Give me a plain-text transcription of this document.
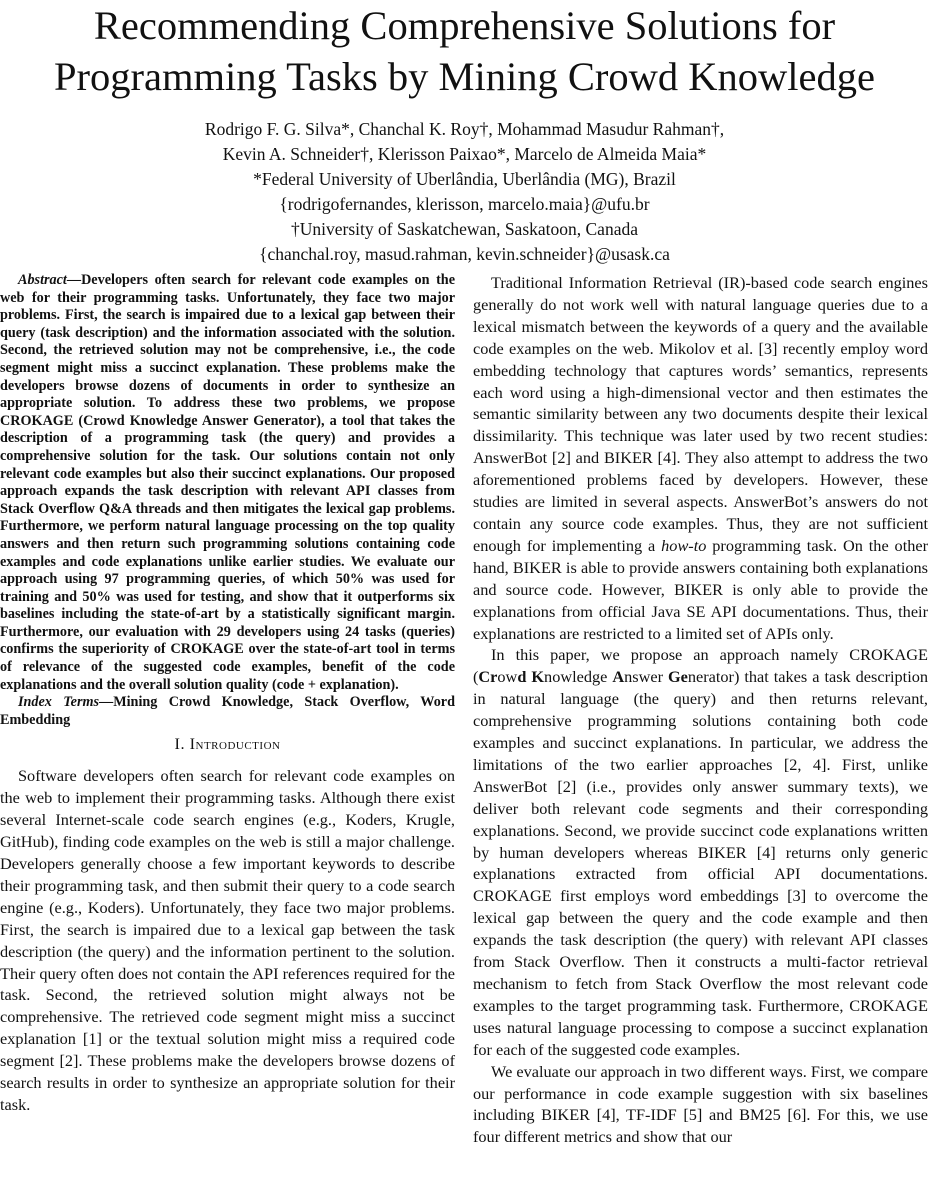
Recommending Comprehensive Solutions for
Programming Tasks by Mining Crowd Knowledge
Rodrigo F. G. Silva*, Chanchal K. Roy†, Mohammad Masudur Rahman†,
Kevin A. Schneider†, Klerisson Paixao*, Marcelo de Almeida Maia*
*Federal University of Uberlândia, Uberlândia (MG), Brazil
{rodrigofernandes, klerisson, marcelo.maia}@ufu.br
†University of Saskatchewan, Saskatoon, Canada
{chanchal.roy, masud.rahman, kevin.schneider}@usask.ca

Abstract—Developers often search for relevant code examples on the web for their programming tasks. Unfortunately, they face two major problems. First, the search is impaired due to a lexical gap between their query (task description) and the information associated with the solution. Second, the retrieved solution may not be comprehensive, i.e., the code segment might miss a succinct explanation. These problems make the developers browse dozens of documents in order to synthesize an appropriate solution. To address these two problems, we propose CROKAGE (Crowd Knowledge Answer Generator), a tool that takes the description of a programming task (the query) and provides a comprehensive solution for the task. Our solutions contain not only relevant code examples but also their succinct explanations. Our proposed approach expands the task description with relevant API classes from Stack Overflow Q&A threads and then mitigates the lexical gap problems. Furthermore, we perform natural language processing on the top quality answers and then return such programming solutions containing code examples and code explanations unlike earlier studies. We evaluate our approach using 97 programming queries, of which 50% was used for training and 50% was used for testing, and show that it outperforms six baselines including the state-of-art by a statistically significant margin. Furthermore, our evaluation with 29 developers using 24 tasks (queries) confirms the superiority of CROKAGE over the state-of-art tool in terms of relevance of the suggested code examples, benefit of the code explanations and the overall solution quality (code + explanation).

Index Terms—Mining Crowd Knowledge, Stack Overflow, Word Embedding

I. Introduction

Software developers often search for relevant code examples on the web to implement their programming tasks. Although there exist several Internet-scale code search engines (e.g., Koders, Krugle, GitHub), finding code examples on the web is still a major challenge. Developers generally choose a few important keywords to describe their programming task, and then submit their query to a code search engine (e.g., Koders). Unfortunately, they face two major problems. First, the search is impaired due to a lexical gap between the task description (the query) and the information pertinent to the solution. Their query often does not contain the API references required for the task. Second, the retrieved solution might always not be comprehensive. The retrieved code segment might miss a succinct explanation [1] or the textual solution might miss a required code segment [2]. These problems make the developers browse dozens of search results in order to synthesize an appropriate solution for their task.

Traditional Information Retrieval (IR)-based code search engines generally do not work well with natural language queries due to a lexical mismatch between the keywords of a query and the available code examples on the web. Mikolov et al. [3] recently employ word embedding technology that captures words’ semantics, represents each word using a high-dimensional vector and then estimates the semantic similarity between any two documents despite their lexical dissimilarity. This technique was later used by two recent studies: AnswerBot [2] and BIKER [4]. They also attempt to address the two aforementioned problems faced by developers. However, these studies are limited in several aspects. AnswerBot’s answers do not contain any source code examples. Thus, they are not sufficient enough for implementing a how-to programming task. On the other hand, BIKER is able to provide answers containing both explanations and source code. However, BIKER is only able to provide the explanations from official Java SE API documentations. Thus, their explanations are restricted to a limited set of APIs only.

In this paper, we propose an approach namely CROKAGE (Crowd Knowledge Answer Generator) that takes a task description in natural language (the query) and then returns relevant, comprehensive programming solutions containing both code examples and succinct explanations. In particular, we address the limitations of the two earlier approaches [2, 4]. First, unlike AnswerBot [2] (i.e., provides only answer summary texts), we deliver both relevant code segments and their corresponding explanations. Second, we provide succinct code explanations written by human developers whereas BIKER [4] returns only generic explanations extracted from official API documentations. CROKAGE first employs word embeddings [3] to overcome the lexical gap between the query and the code example and then expands the task description (the query) with relevant API classes from Stack Overflow. Then it constructs a multi-factor retrieval mechanism to fetch from Stack Overflow the most relevant code examples to the target programming task. Furthermore, CROKAGE uses natural language processing to compose a succinct explanation for each of the suggested code examples.

We evaluate our approach in two different ways. First, we compare our performance in code example suggestion with six baselines including BIKER [4], TF-IDF [5] and BM25 [6]. For this, we use four different metrics and show that our
